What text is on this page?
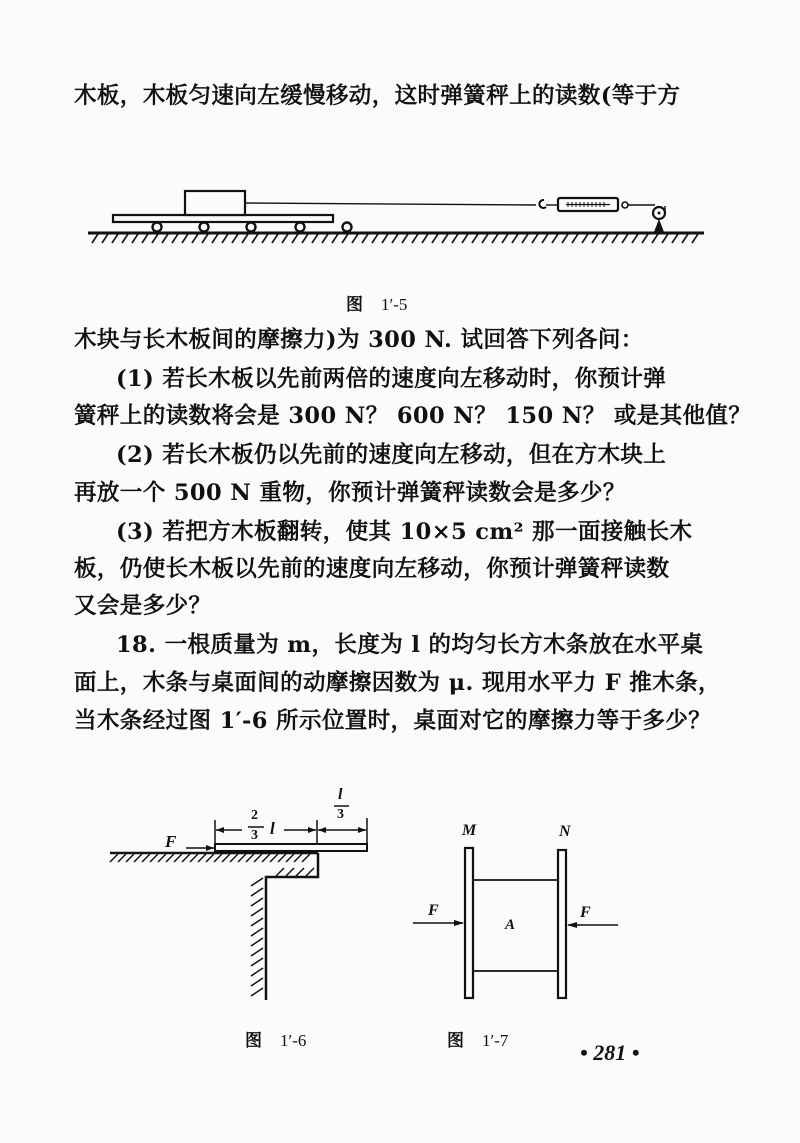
木板，木板匀速向左缓慢移动，这时弹簧秤上的读数(等于方
图 1′-5
木块与长木板间的摩擦力)为 300 N. 试回答下列各问：
(1) 若长木板以先前两倍的速度向左移动时，你预计弹
簧秤上的读数将会是 300 N？ 600 N？ 150 N？ 或是其他值？
(2) 若长木板仍以先前的速度向左移动，但在方木块上
再放一个 500 N 重物，你预计弹簧秤读数会是多少？
(3) 若把方木板翻转，使其 10×5 cm² 那一面接触长木
板，仍使长木板以先前的速度向左移动，你预计弹簧秤读数
又会是多少？
18. 一根质量为 m，长度为 l 的均匀长方木条放在水平桌
面上，木条与桌面间的动摩擦因数为 μ. 现用水平力 F 推木条，
当木条经过图 1′-6 所示位置时，桌面对它的摩擦力等于多少？
F
2
3 l
l
3
M	N
A
F	F
图 1′-6	图 1′-7	• 281 •
